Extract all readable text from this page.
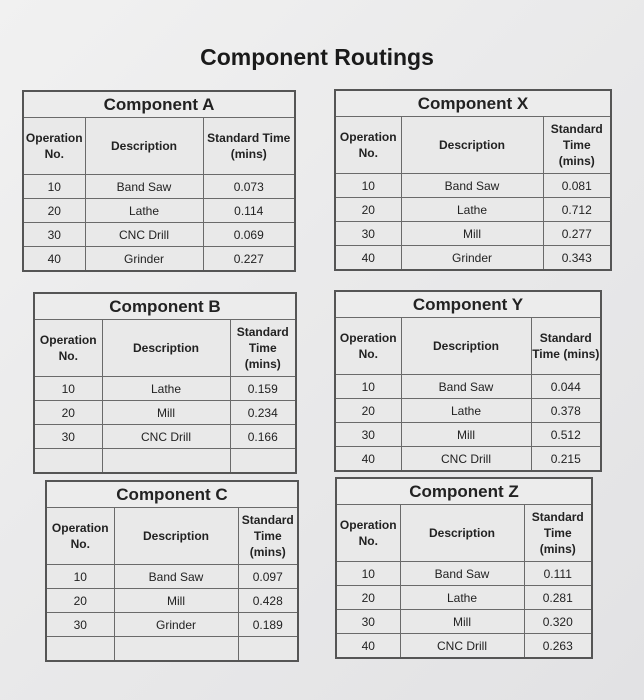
Component Routings
Component A		
Operation No.	Description	Standard Time (mins)
10	Band Saw	0.073
20	Lathe	0.114
30	CNC Drill	0.069
40	Grinder	0.227
Component X		
Operation No.	Description	Standard Time (mins)
10	Band Saw	0.081
20	Lathe	0.712
30	Mill	0.277
40	Grinder	0.343
Component B		
Operation No.	Description	Standard Time (mins)
10	Lathe	0.159
20	Mill	0.234
30	CNC Drill	0.166

Component Y		
Operation No.	Description	Standard Time (mins)
10	Band Saw	0.044
20	Lathe	0.378
30	Mill	0.512
40	CNC Drill	0.215
Component C		
Operation No.	Description	Standard Time (mins)
10	Band Saw	0.097
20	Mill	0.428
30	Grinder	0.189

Component Z		
Operation No.	Description	Standard Time (mins)
10	Band Saw	0.111
20	Lathe	0.281
30	Mill	0.320
40	CNC Drill	0.263
